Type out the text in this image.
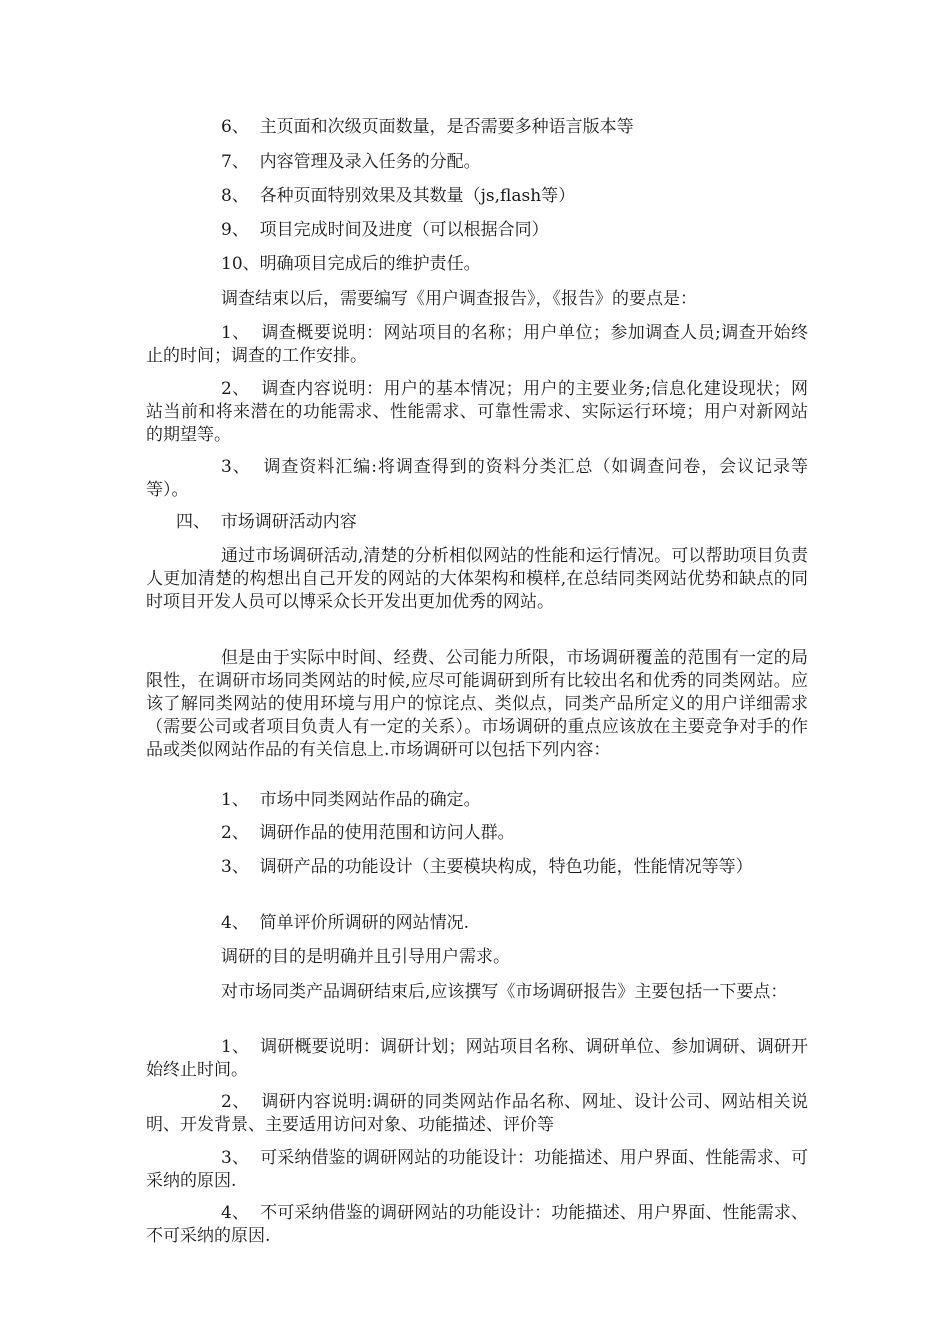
6、  主页面和次级页面数量，是否需要多种语言版本等
7、  内容管理及录入任务的分配。
8、  各种页面特别效果及其数量（js,flash等）
9、  项目完成时间及进度（可以根据合同）
10、明确项目完成后的维护责任。
调查结束以后，需要编写《用户调查报告》，《报告》的要点是：
1、  调查概要说明：网站项目的名称；用户单位；参加调查人员;调查开始终止的时间；调查的工作安排。
2、  调查内容说明：用户的基本情况；用户的主要业务;信息化建设现状；网站当前和将来潜在的功能需求、性能需求、可靠性需求、实际运行环境；用户对新网站的期望等。
3、  调查资料汇编:将调查得到的资料分类汇总（如调查问卷，会议记录等等）。
四、  市场调研活动内容
通过市场调研活动,清楚的分析相似网站的性能和运行情况。可以帮助项目负责人更加清楚的构想出自己开发的网站的大体架构和模样,在总结同类网站优势和缺点的同时项目开发人员可以博采众长开发出更加优秀的网站。
但是由于实际中时间、经费、公司能力所限，市场调研覆盖的范围有一定的局限性，在调研市场同类网站的时候,应尽可能调研到所有比较出名和优秀的同类网站。应该了解同类网站的使用环境与用户的惊诧点、类似点，同类产品所定义的用户详细需求（需要公司或者项目负责人有一定的关系）。市场调研的重点应该放在主要竞争对手的作品或类似网站作品的有关信息上.市场调研可以包括下列内容：
1、  市场中同类网站作品的确定。
2、  调研作品的使用范围和访问人群。
3、  调研产品的功能设计（主要模块构成，特色功能，性能情况等等）
4、  简单评价所调研的网站情况.
调研的目的是明确并且引导用户需求。
对市场同类产品调研结束后,应该撰写《市场调研报告》主要包括一下要点：
1、  调研概要说明：调研计划；网站项目名称、调研单位、参加调研、调研开始终止时间。
2、  调研内容说明:调研的同类网站作品名称、网址、设计公司、网站相关说明、开发背景、主要适用访问对象、功能描述、评价等
3、  可采纳借鉴的调研网站的功能设计：功能描述、用户界面、性能需求、可采纳的原因.
4、  不可采纳借鉴的调研网站的功能设计：功能描述、用户界面、性能需求、不可采纳的原因.
